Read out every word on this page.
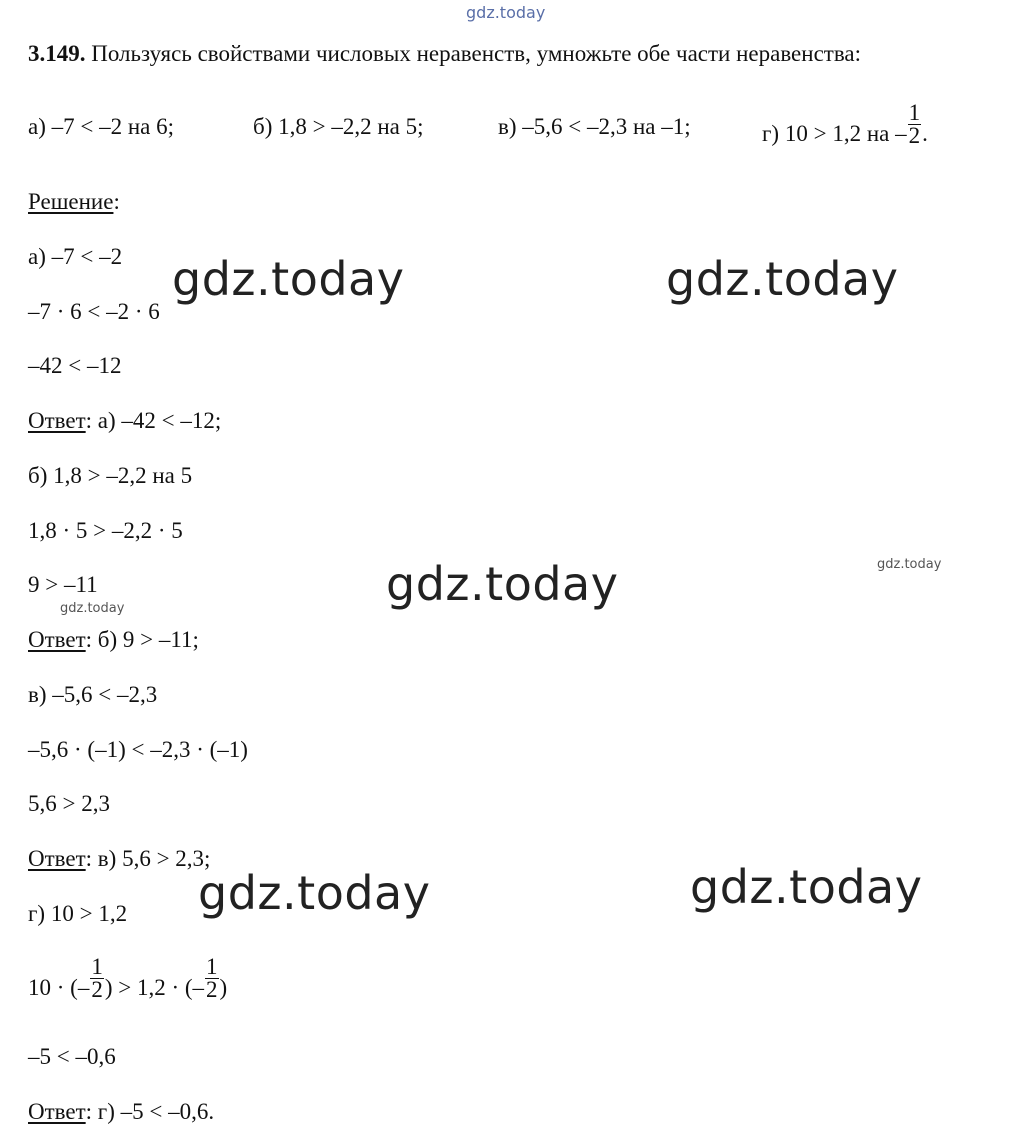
gdz.today
3.149. Пользуясь свойствами числовых неравенств, умножьте обе части неравенства:
а) –7 < –2 на 6;	б) 1,8 > –2,2 на 5;	в) –5,6 < –2,3 на –1;	г) 10 > 1,2 на – $\frac{1}{2}$ .
Решение:
а) –7 < –2
–7 · 6 < –2 · 6
–42 < –12
Ответ: а) –42 < –12;
б) 1,8 > –2,2 на 5
1,8 · 5 > –2,2 · 5
9 > –11
Ответ: б) 9 > –11;
в) –5,6 < –2,3
–5,6 · (–1) < –2,3 · (–1)
5,6 > 2,3
Ответ: в) 5,6 > 2,3;
г) 10 > 1,2
10 · (– $\frac{1}{2}$ ) > 1,2 · (– $\frac{1}{2}$ )
–5 < –0,6
Ответ: г) –5 < –0,6.
gdz.today	gdz.today
gdz.today	gdz.today
gdz.today
gdz.today	gdz.today
